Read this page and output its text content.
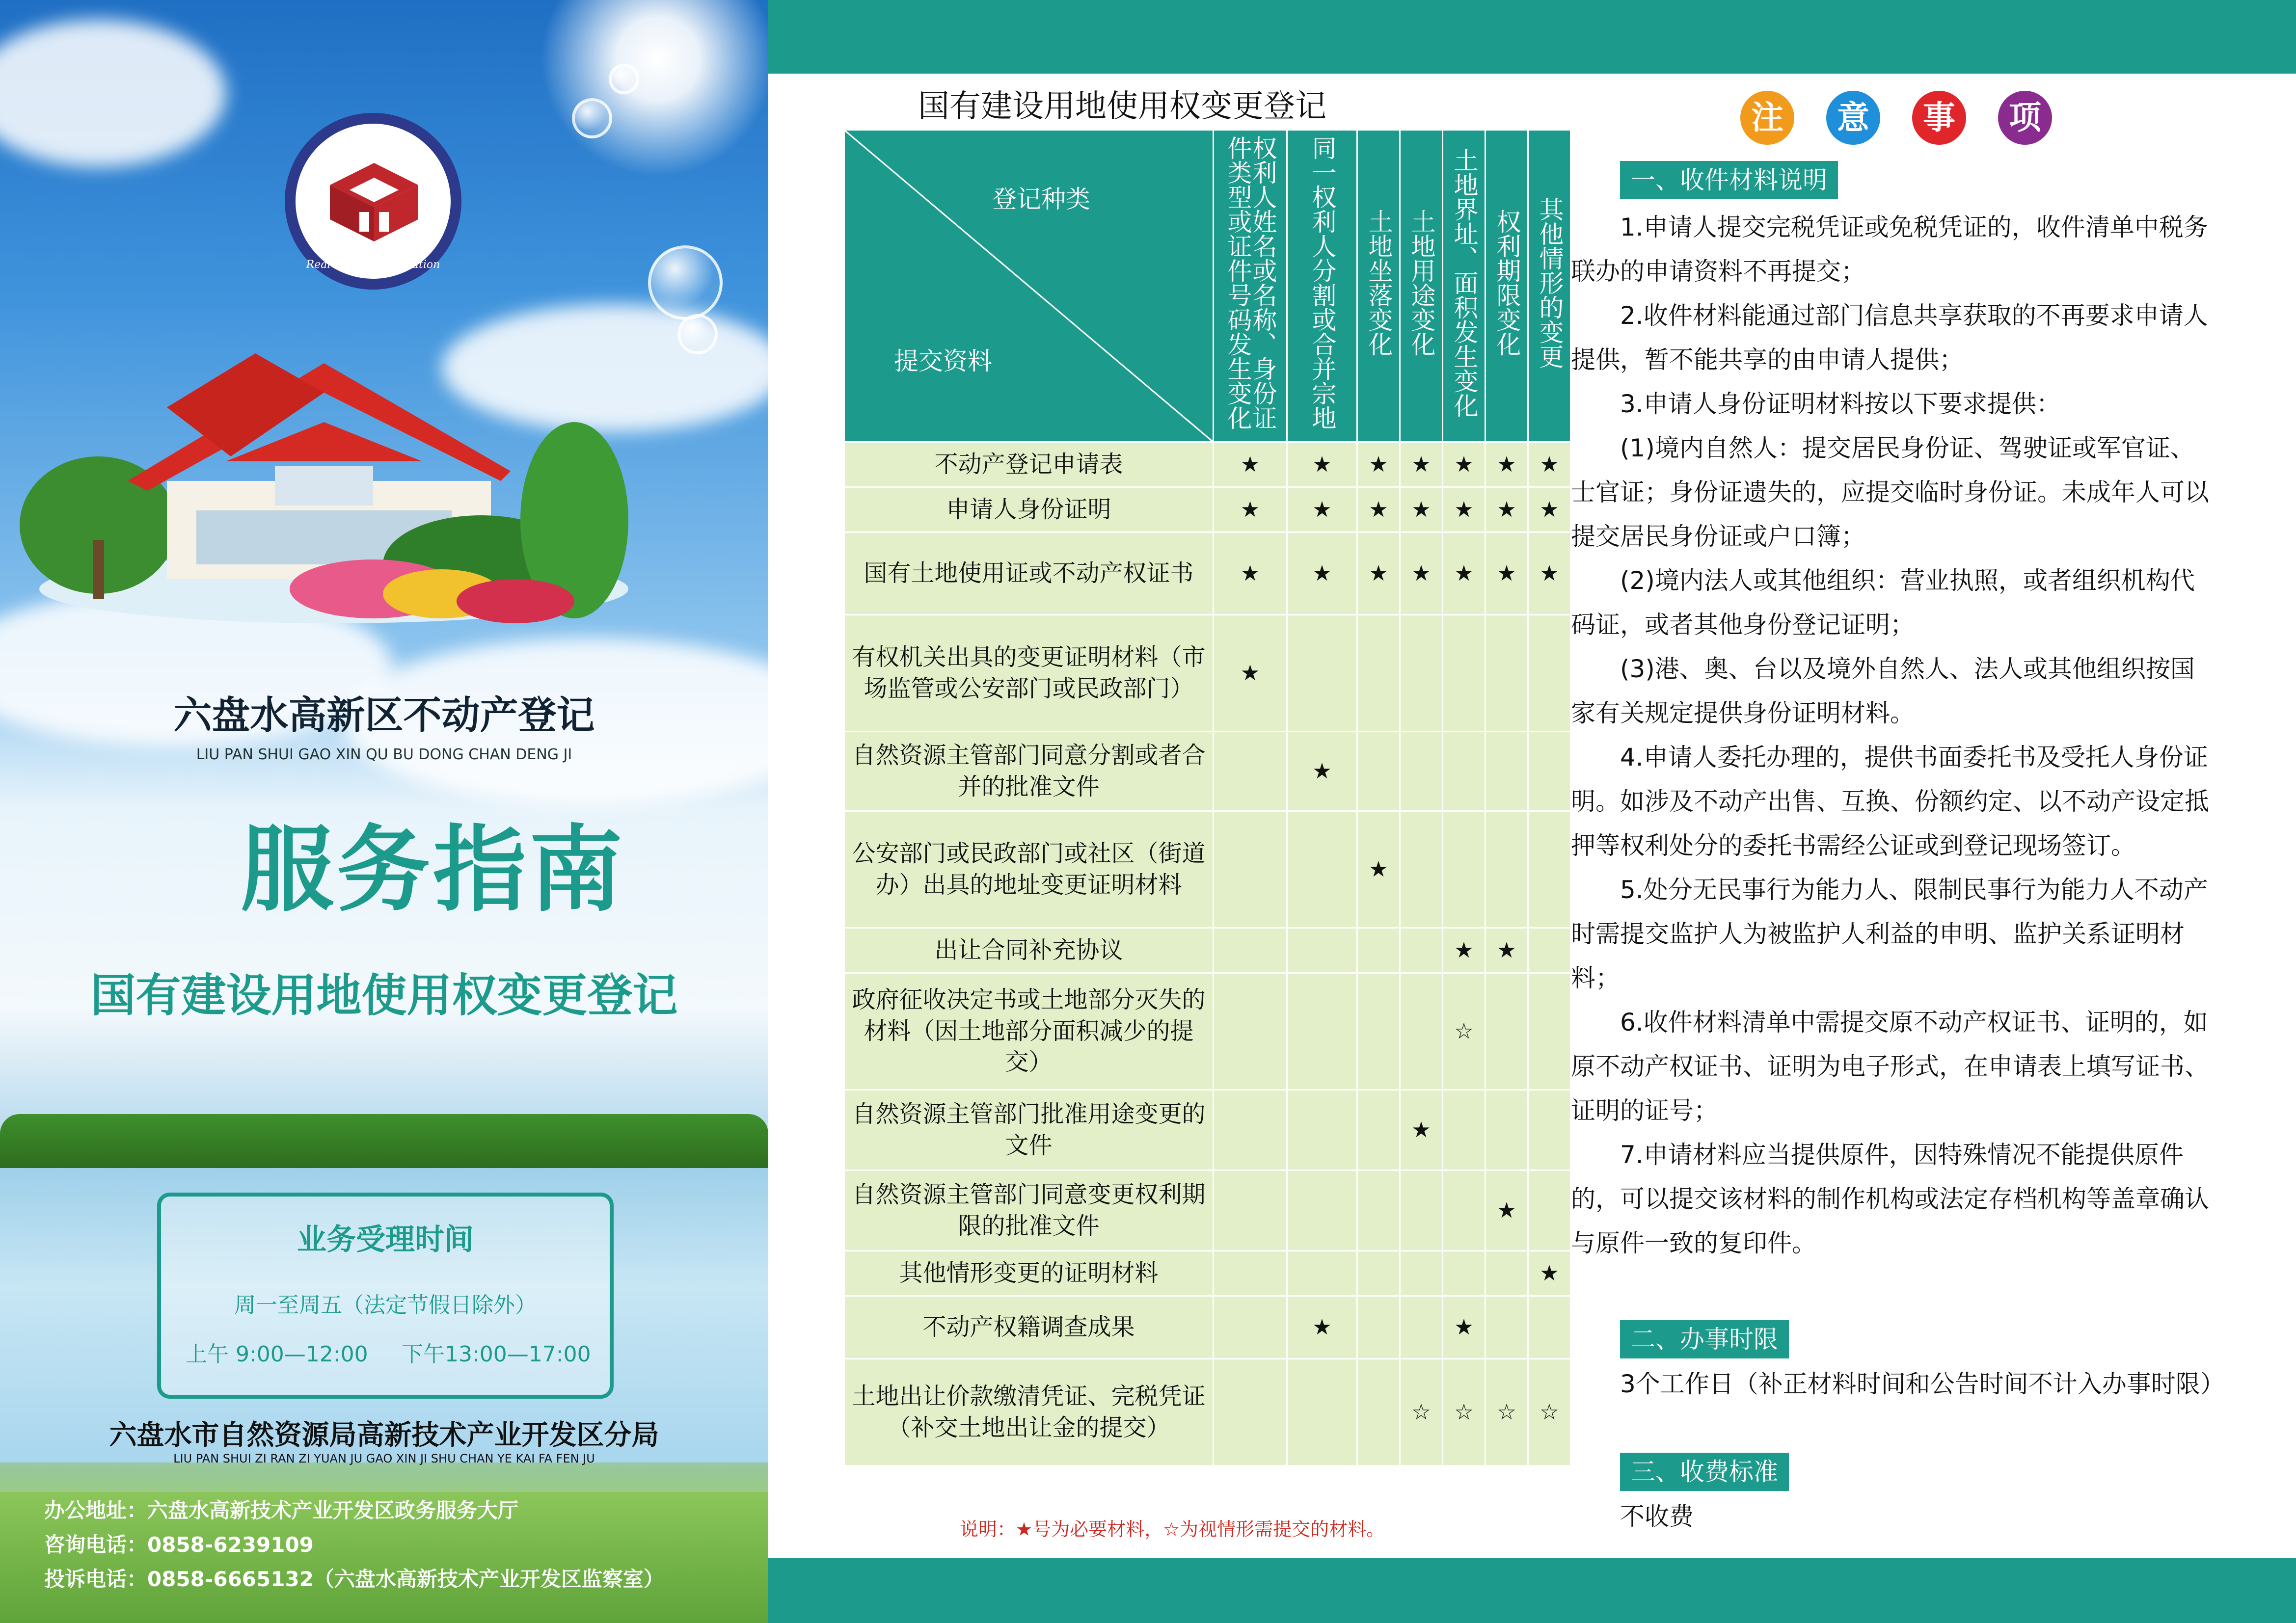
不动产登记
Real Estate Registration
六盘水高新区不动产登记
LIU PAN SHUI GAO XIN QU BU DONG CHAN DENG JI
服务指南
国有建设用地使用权变更登记
业务受理时间
周一至周五（法定节假日除外）
上午 9:00—12:00 下午13:00—17:00
六盘水市自然资源局高新技术产业开发区分局
LIU PAN SHUI ZI RAN ZI YUAN JU GAO XIN JI SHU CHAN YE KAI FA FEN JU
办公地址：六盘水高新技术产业开发区政务服务大厅
咨询电话：0858-6239109
投诉电话：0858-6665132（六盘水高新技术产业开发区监察室）
国有建设用地使用权变更登记
登记种类
提交资料	权利人姓名或名称、身份证件类型或证件号码发生变化	同一权利人分割或合并宗地	土地坐落变化	土地用途变化	土地界址、面积发生变化	权利期限变化	其他情形的变更

不动产登记申请表	★	★	★	★	★	★	★
申请人身份证明	★	★	★	★	★	★	★
国有土地使用证或不动产权证书	★	★	★	★	★	★	★
有权机关出具的变更证明材料（市场监管或公安部门或民政部门）	★						
自然资源主管部门同意分割或者合并的批准文件		★					
公安部门或民政部门或社区（街道办）出具的地址变更证明材料			★				
出让合同补充协议					★	★	
政府征收决定书或土地部分灭失的材料（因土地部分面积减少的提交）					☆		
自然资源主管部门批准用途变更的文件				★			
自然资源主管部门同意变更权利期限的批准文件						★	
其他情形变更的证明材料							★
不动产权籍调查成果		★			★		
土地出让价款缴清凭证、完税凭证（补交土地出让金的提交）				☆	☆	☆	☆
说明：★号为必要材料，☆为视情形需提交的材料。
注	意	事	项
一、收件材料说明

1.申请人提交完税凭证或免税凭证的，收件清单中税务联办的申请资料不再提交；

2.收件材料能通过部门信息共享获取的不再要求申请人提供，暂不能共享的由申请人提供；

3.申请人身份证明材料按以下要求提供：

(1)境内自然人：提交居民身份证、驾驶证或军官证、士官证；身份证遗失的，应提交临时身份证。未成年人可以提交居民身份证或户口簿；

(2)境内法人或其他组织：营业执照，或者组织机构代码证，或者其他身份登记证明；

(3)港、奥、台以及境外自然人、法人或其他组织按国家有关规定提供身份证明材料。

4.申请人委托办理的，提供书面委托书及受托人身份证明。如涉及不动产出售、互换、份额约定、以不动产设定抵押等权利处分的委托书需经公证或到登记现场签订。

5.处分无民事行为能力人、限制民事行为能力人不动产时需提交监护人为被监护人利益的申明、监护关系证明材料；

6.收件材料清单中需提交原不动产权证书、证明的，如原不动产权证书、证明为电子形式，在申请表上填写证书、证明的证号；

7.申请材料应当提供原件，因特殊情况不能提供原件的，可以提交该材料的制作机构或法定存档机构等盖章确认与原件一致的复印件。

二、办事时限

3个工作日（补正材料时间和公告时间不计入办事时限）

三、收费标准

不收费
